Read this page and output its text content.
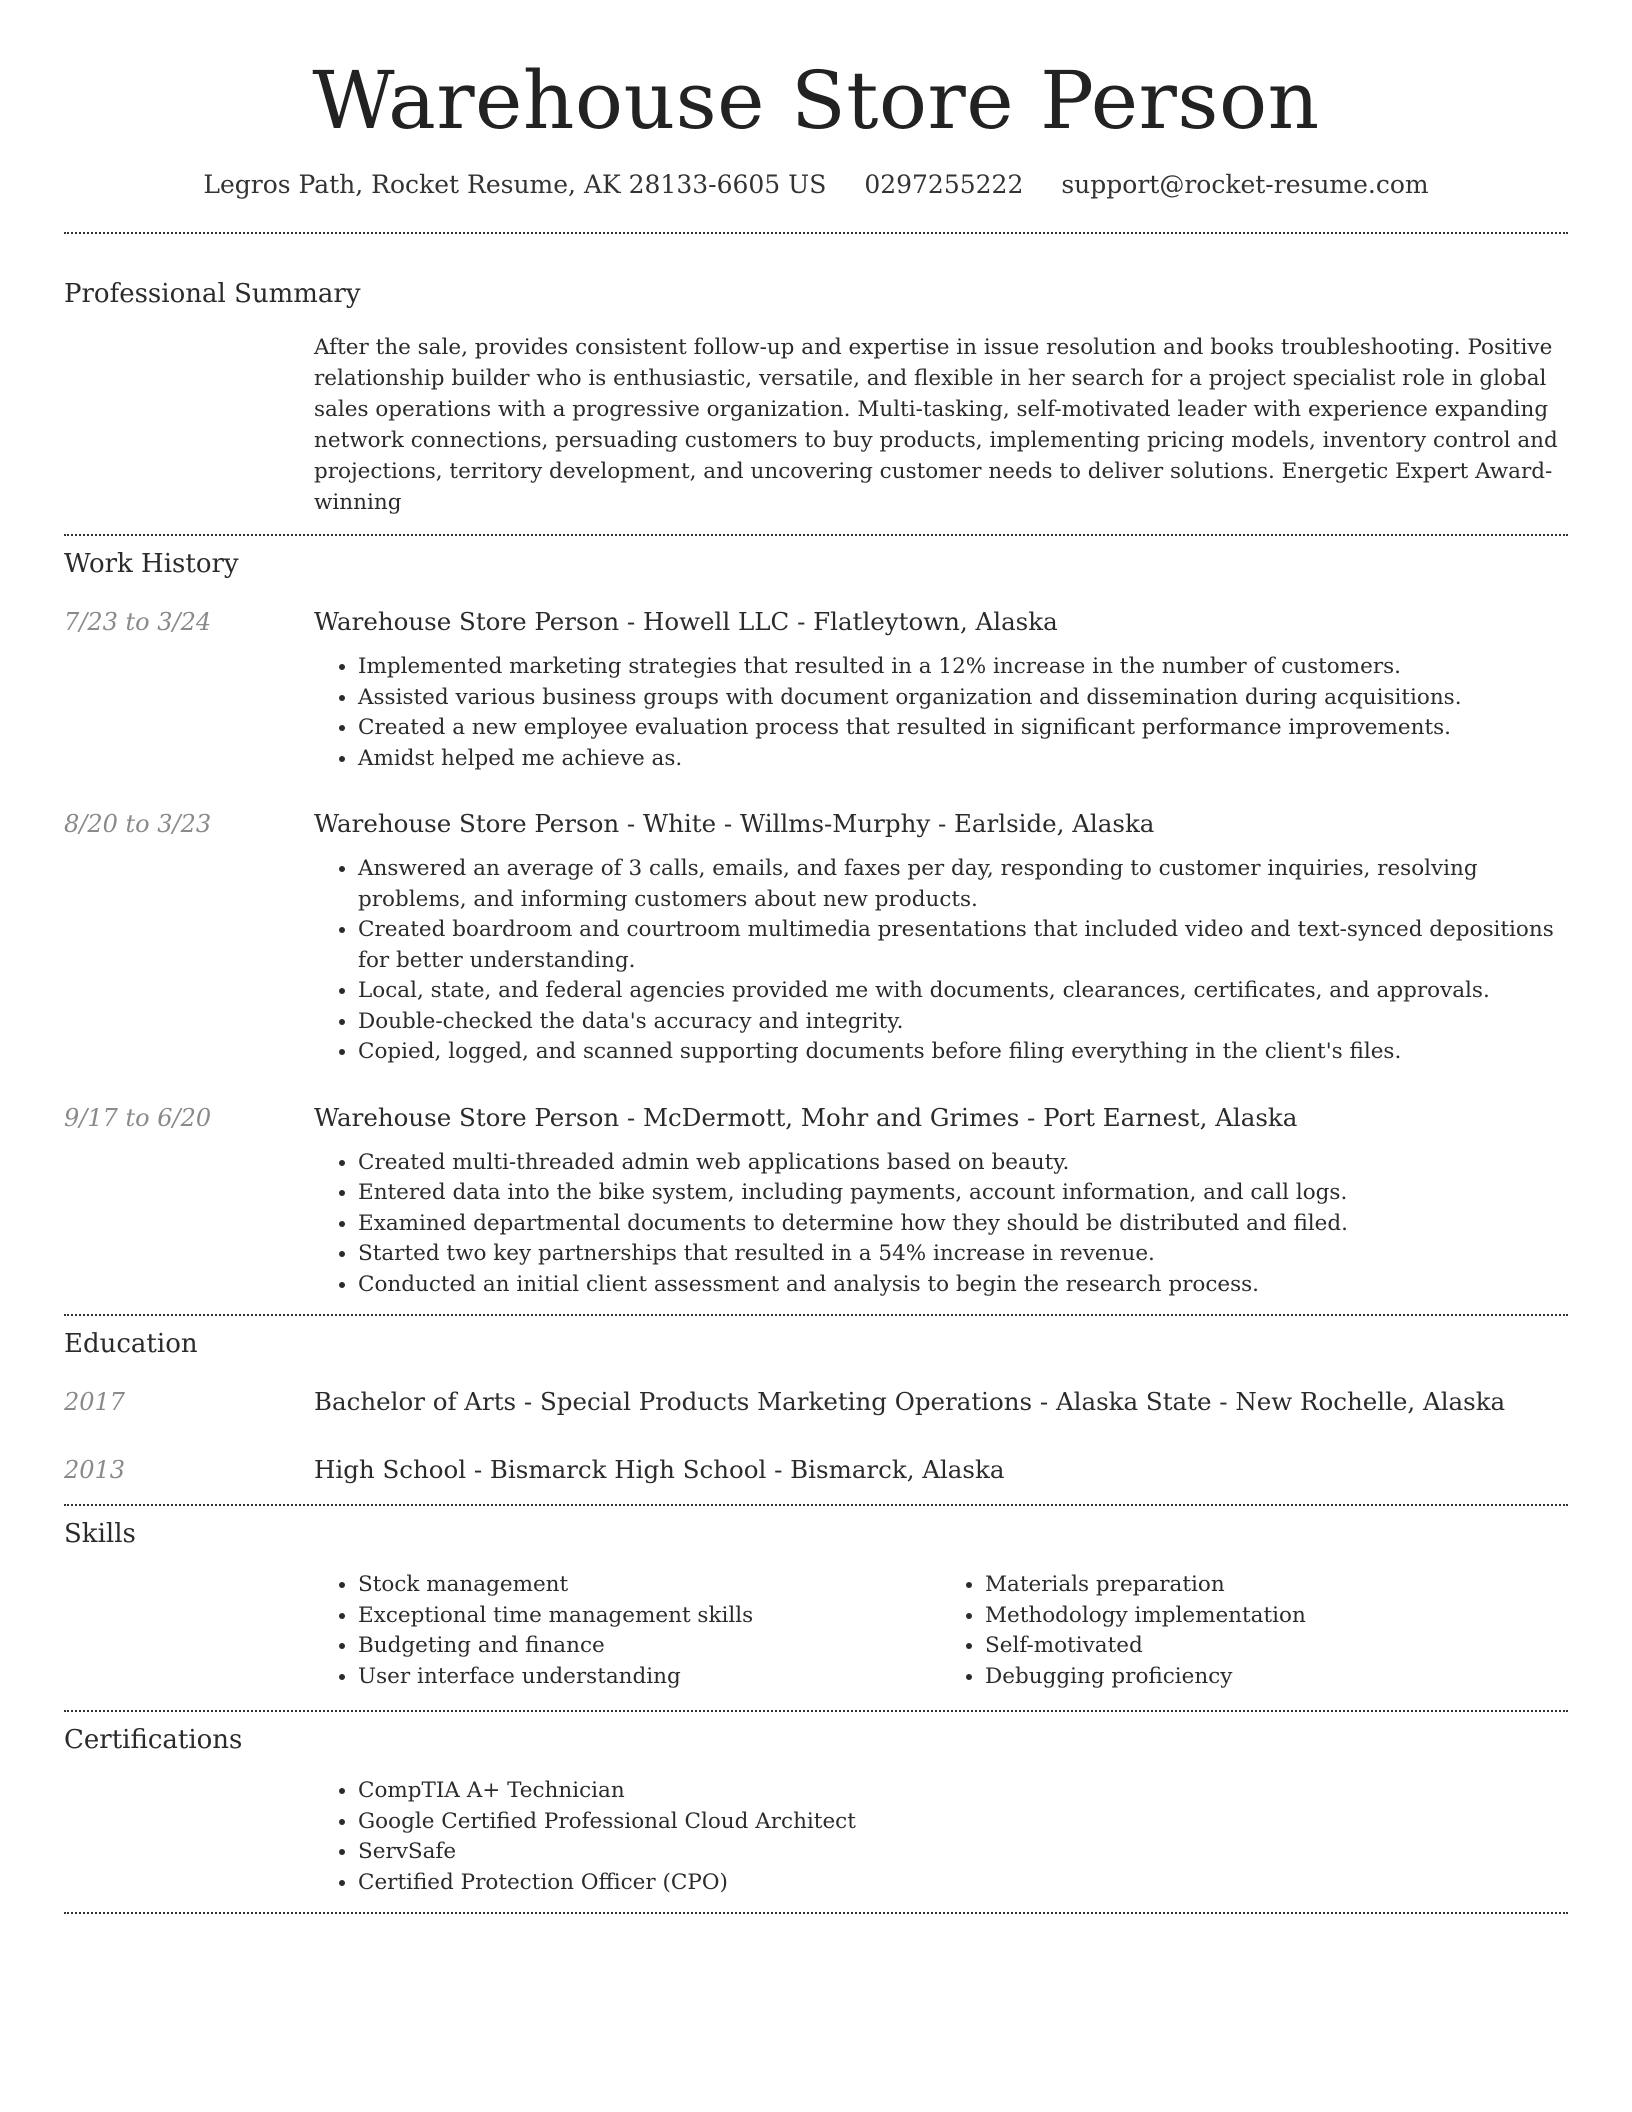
Warehouse Store Person
Legros Path, Rocket Resume, AK 28133-6605 US 0297255222 support@rocket-resume.com
Professional Summary

After the sale, provides consistent follow-up and expertise in issue resolution and books troubleshooting. Positive relationship builder who is enthusiastic, versatile, and flexible in her search for a project specialist role in global sales operations with a progressive organization. Multi-tasking, self-motivated leader with experience expanding network connections, persuading customers to buy products, implementing pricing models, inventory control and projections, territory development, and uncovering customer needs to deliver solutions. Energetic Expert Award-winning

Work History
7/23 to 3/24	Warehouse Store Person - Howell LLC - Flatleytown, Alaska
• Implemented marketing strategies that resulted in a 12% increase in the number of customers.
• Assisted various business groups with document organization and dissemination during acquisitions.
• Created a new employee evaluation process that resulted in significant performance improvements.
• Amidst helped me achieve as.
8/20 to 3/23	Warehouse Store Person - White - Willms-Murphy - Earlside, Alaska
• Answered an average of 3 calls, emails, and faxes per day, responding to customer inquiries, resolving problems, and informing customers about new products.
• Created boardroom and courtroom multimedia presentations that included video and text-synced depositions for better understanding.
• Local, state, and federal agencies provided me with documents, clearances, certificates, and approvals.
• Double-checked the data's accuracy and integrity.
• Copied, logged, and scanned supporting documents before filing everything in the client's files.
9/17 to 6/20	Warehouse Store Person - McDermott, Mohr and Grimes - Port Earnest, Alaska
• Created multi-threaded admin web applications based on beauty.
• Entered data into the bike system, including payments, account information, and call logs.
• Examined departmental documents to determine how they should be distributed and filed.
• Started two key partnerships that resulted in a 54% increase in revenue.
• Conducted an initial client assessment and analysis to begin the research process.
Education
2017	Bachelor of Arts - Special Products Marketing Operations - Alaska State - New Rochelle, Alaska
2013	High School - Bismarck High School - Bismarck, Alaska
Skills
• Stock management
• Exceptional time management skills
• Budgeting and finance
• User interface understanding
• Materials preparation
• Methodology implementation
• Self-motivated
• Debugging proficiency
Certifications
• CompTIA A+ Technician
• Google Certified Professional Cloud Architect
• ServSafe
• Certified Protection Officer (CPO)
